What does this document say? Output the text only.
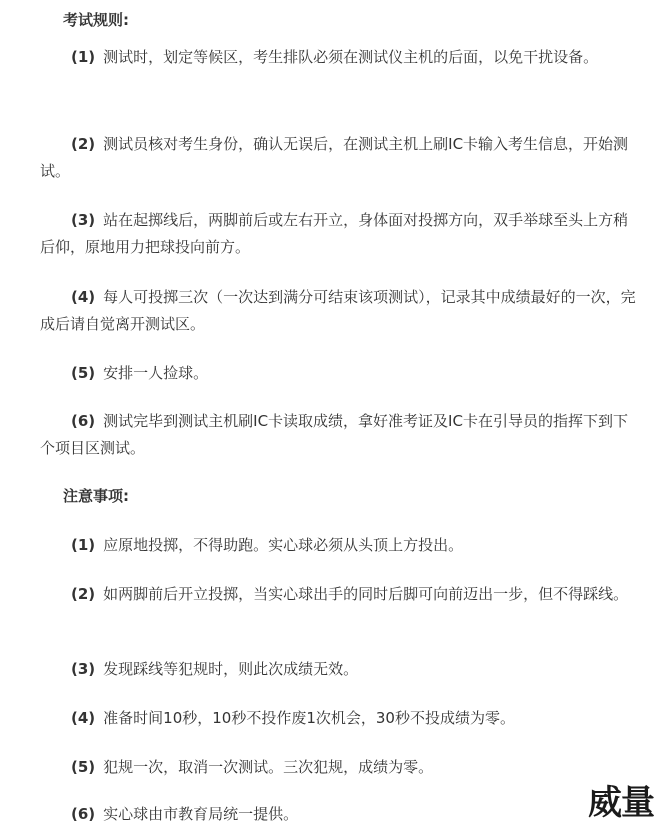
考试规则:

(1) 测试时，划定等候区，考生排队必须在测试仪主机的后面，以免干扰设备。

(2) 测试员核对考生身份，确认无误后，在测试主机上刷IC卡输入考生信息，开始测试。

(3) 站在起掷线后，两脚前后或左右开立，身体面对投掷方向，双手举球至头上方稍后仰，原地用力把球投向前方。

(4) 每人可投掷三次（一次达到满分可结束该项测试），记录其中成绩最好的一次，完成后请自觉离开测试区。

(5) 安排一人捡球。

(6) 测试完毕到测试主机刷IC卡读取成绩，拿好准考证及IC卡在引导员的指挥下到下个项目区测试。

注意事项:

(1) 应原地投掷，不得助跑。实心球必须从头顶上方投出。

(2) 如两脚前后开立投掷，当实心球出手的同时后脚可向前迈出一步，但不得踩线。

(3) 发现踩线等犯规时，则此次成绩无效。

(4) 准备时间10秒，10秒不投作废1次机会，30秒不投成绩为零。

(5) 犯规一次，取消一次测试。三次犯规，成绩为零。

(6) 实心球由市教育局统一提供。	威量
